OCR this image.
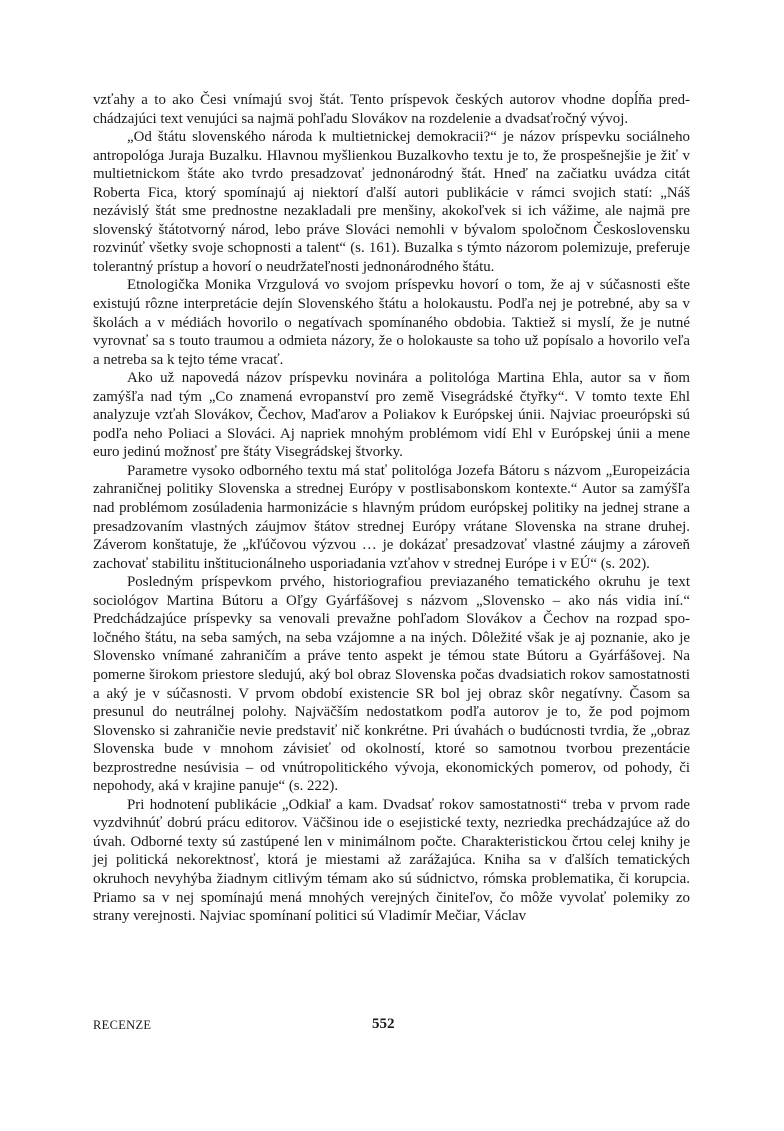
vzťahy a to ako Česi vnímajú svoj štát. Tento príspevok českých autorov vhodne dopĺňa predchádzajúci text venujúci sa najmä pohľadu Slovákov na rozdelenie a dvadsaťročný vývoj.

„Od štátu slovenského národa k multietnickej demokracii?“ je názov príspevku sociálneho antropológa Juraja Buzalku. Hlavnou myšlienkou Buzalkovho textu je to, že prospešnejšie je žiť v multietnickom štáte ako tvrdo presadzovať jednonárodný štát. Hneď na začiatku uvádza citát Roberta Fica, ktorý spomínajú aj niektorí ďalší autori publikácie v rámci svojich statí: „Náš nezávislý štát sme prednostne nezakladali pre menšiny, akokoľvek si ich vážime, ale najmä pre slovenský štátotvorný národ, lebo práve Slováci nemohli v bývalom spoločnom Československu rozvinúť všetky svoje schopnosti a talent“ (s. 161). Buzalka s týmto názorom polemizuje, preferuje tolerantný prístup a hovorí o neudržateľnosti jednonárodného štátu.

Etnologička Monika Vrzgulová vo svojom príspevku hovorí o tom, že aj v súčasnosti ešte existujú rôzne interpretácie dejín Slovenského štátu a holokaustu. Podľa nej je potrebné, aby sa v školách a v médiách hovorilo o negatívach spomínaného obdobia. Taktiež si myslí, že je nutné vyrovnať sa s touto traumou a odmieta názory, že o holokauste sa toho už popísalo a hovorilo veľa a netreba sa k tejto téme vracať.

Ako už napovedá názov príspevku novinára a politológa Martina Ehla, autor sa v ňom zamýšľa nad tým „Co znamená evropanství pro země Visegrádské čtyřky“. V tomto texte Ehl analyzuje vzťah Slovákov, Čechov, Maďarov a Poliakov k Európskej únii. Najviac proeurópski sú podľa neho Poliaci a Slováci. Aj napriek mnohým problémom vidí Ehl v Európskej únii a mene euro jedinú možnosť pre štáty Visegrádskej štvorky.

Parametre vysoko odborného textu má stať politológa Jozefa Bátoru s názvom „Europeizácia zahraničnej politiky Slovenska a strednej Európy v postlisabonskom kontexte.“ Autor sa zamýšľa nad problémom zosúladenia harmonizácie s hlavným prúdom európskej politiky na jednej strane a presadzovaním vlastných záujmov štátov strednej Európy vrátane Slovenska na strane druhej. Záverom konštatuje, že „kľúčovou výzvou … je dokázať presadzovať vlastné záujmy a zároveň zachovať stabilitu inštitucionálneho usporiadania vzťahov v strednej Európe i v EÚ“ (s. 202).

Posledným príspevkom prvého, historiografiou previazaného tematického okruhu je text sociológov Martina Bútoru a Oľgy Gyárfášovej s názvom „Slovensko – ako nás vidia iní.“ Predchádzajúce príspevky sa venovali prevažne pohľadom Slovákov a Čechov na rozpad spoločného štátu, na seba samých, na seba vzájomne a na iných. Dôležité však je aj poznanie, ako je Slovensko vnímané zahraničím a práve tento aspekt je témou state Bútoru a Gyárfášovej. Na pomerne širokom priestore sledujú, aký bol obraz Slovenska počas dvadsiatich rokov samostatnosti a aký je v súčasnosti. V prvom období existencie SR bol jej obraz skôr negatívny. Časom sa presunul do neutrálnej polohy. Najväčším nedostatkom podľa autorov je to, že pod pojmom Slovensko si zahraničie nevie predstaviť nič konkrétne. Pri úvahách o budúcnosti tvrdia, že „obraz Slovenska bude v mnohom závisieť od okolností, ktoré so samotnou tvorbou prezentácie bezprostredne nesúvisia – od vnútropolitického vývoja, ekonomických pomerov, od pohody, či nepohody, aká v krajine panuje“ (s. 222).

Pri hodnotení publikácie „Odkiaľ a kam. Dvadsať rokov samostatnosti“ treba v prvom rade vyzdvihnúť dobrú prácu editorov. Väčšinou ide o esejistické texty, nezriedka prechádzajúce až do úvah. Odborné texty sú zastúpené len v minimálnom počte. Charakteristickou črtou celej knihy je jej politická nekorektnosť, ktorá je miestami až zarážajúca. Kniha sa v ďalších tematických okruhoch nevyhýba žiadnym citlivým témam ako sú súdnictvo, rómska problematika, či korupcia. Priamo sa v nej spomínajú mená mnohých verejných činiteľov, čo môže vyvolať polemiky zo strany verejnosti. Najviac spomínaní politici sú Vladimír Mečiar, Václav

RECENZE	552
